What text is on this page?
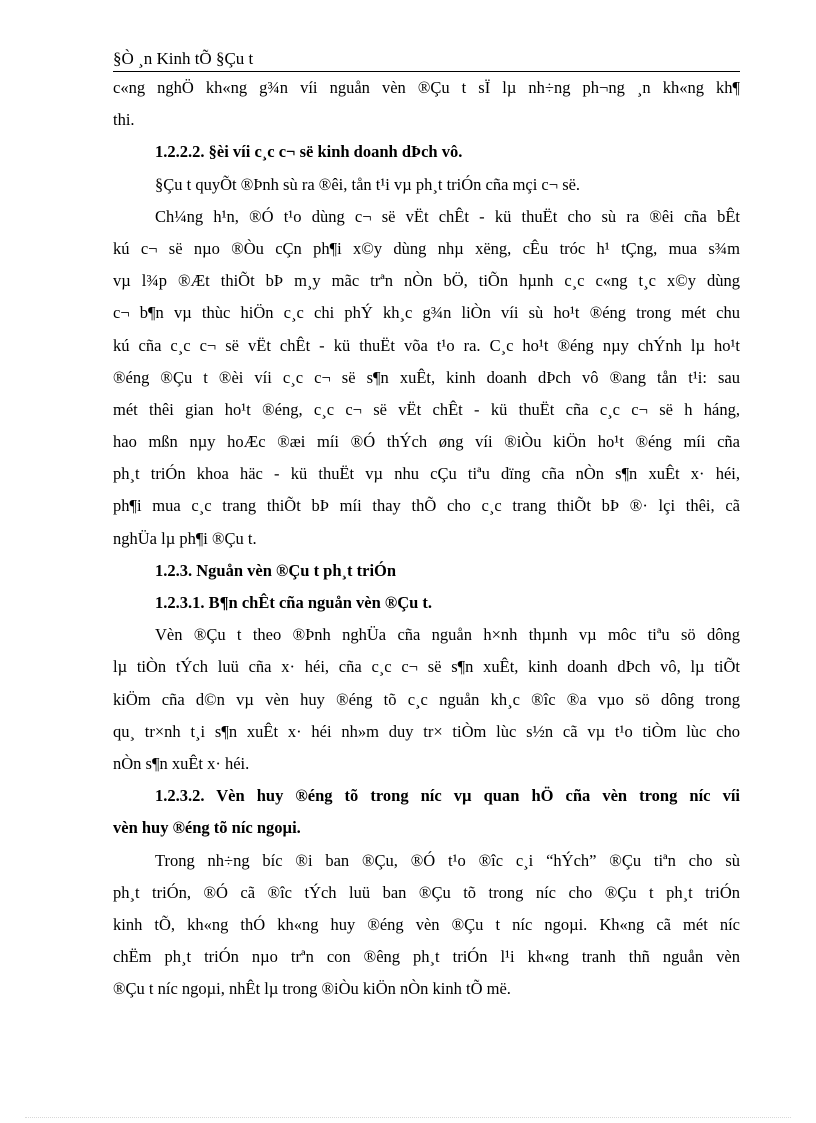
§Ò ¸n Kinh tÕ §Çu t
c«ng nghÖ kh«ng g¾n víi nguån vèn ®Çu t sÏ lµ nh÷ng ph¬ng ¸n kh«ng kh¶
thi.
1.2.2.2. §èi víi c¸c c¬ së kinh doanh dÞch vô.
§Çu t quyÕt ®Þnh sù ra ®êi, tån t¹i vµ ph¸t triÓn cña mçi c¬ së.
Ch¼ng h¹n, ®Ó t¹o dùng c¬ së vËt chÊt - kü thuËt cho sù ra ®êi cña bÊt
kú c¬ së nµo ®Òu cÇn ph¶i x©y dùng nhµ xëng, cÊu tróc h¹ tÇng, mua s¾m
vµ l¾p ®Æt thiÕt bÞ m¸y mãc trªn nÒn bÖ, tiÕn hµnh c¸c c«ng t¸c x©y dùng
c¬ b¶n vµ thùc hiÖn c¸c chi phÝ kh¸c g¾n liÒn víi sù ho¹t ®éng trong mét chu
kú cña c¸c c¬ së vËt chÊt - kü thuËt võa t¹o ra. C¸c ho¹t ®éng nµy chÝnh lµ ho¹t
®éng ®Çu t ®èi víi c¸c c¬ së s¶n xuÊt, kinh doanh dÞch vô ®ang tån t¹i: sau
mét thêi gian ho¹t ®éng, c¸c c¬ së vËt chÊt - kü thuËt cña c¸c c¬ së h háng,
hao mßn nµy hoÆc ®æi míi ®Ó thÝch øng víi ®iÒu kiÖn ho¹t ®éng míi cña
ph¸t triÓn khoa häc - kü thuËt vµ nhu cÇu tiªu dïng cña nÒn s¶n xuÊt x· héi,
ph¶i mua c¸c trang thiÕt bÞ míi thay thÕ cho c¸c trang thiÕt bÞ ®· lçi thêi, cã
nghÜa lµ ph¶i ®Çu t.
1.2.3. Nguån vèn ®Çu t ph¸t triÓn
1.2.3.1. B¶n chÊt cña nguån vèn ®Çu t.
Vèn ®Çu t theo ®Þnh nghÜa cña nguån h×nh thµnh vµ môc tiªu sö dông
lµ tiÒn tÝch luü cña x· héi, cña c¸c c¬ së s¶n xuÊt, kinh doanh dÞch vô, lµ tiÕt
kiÖm cña d©n vµ vèn huy ®éng tõ c¸c nguån kh¸c ®îc ®a vµo sö dông trong
qu¸ tr×nh t¸i s¶n xuÊt x· héi nh»m duy tr× tiÒm lùc s½n cã vµ t¹o tiÒm lùc cho
nÒn s¶n xuÊt x· héi.
1.2.3.2. Vèn huy ®éng tõ trong níc vµ quan hÖ cña vèn trong níc víi
vèn huy ®éng tõ níc ngoµi.
Trong nh÷ng bíc ®i ban ®Çu, ®Ó t¹o ®îc c¸i “hÝch” ®Çu tiªn cho sù
ph¸t triÓn, ®Ó cã ®îc tÝch luü ban ®Çu tõ trong níc cho ®Çu t ph¸t triÓn
kinh tÕ, kh«ng thÓ kh«ng huy ®éng vèn ®Çu t níc ngoµi. Kh«ng cã mét níc
chËm ph¸t triÓn nµo trªn con ®êng ph¸t triÓn l¹i kh«ng tranh thñ nguån vèn
®Çu t níc ngoµi, nhÊt lµ trong ®iÒu kiÖn nÒn kinh tÕ më.
